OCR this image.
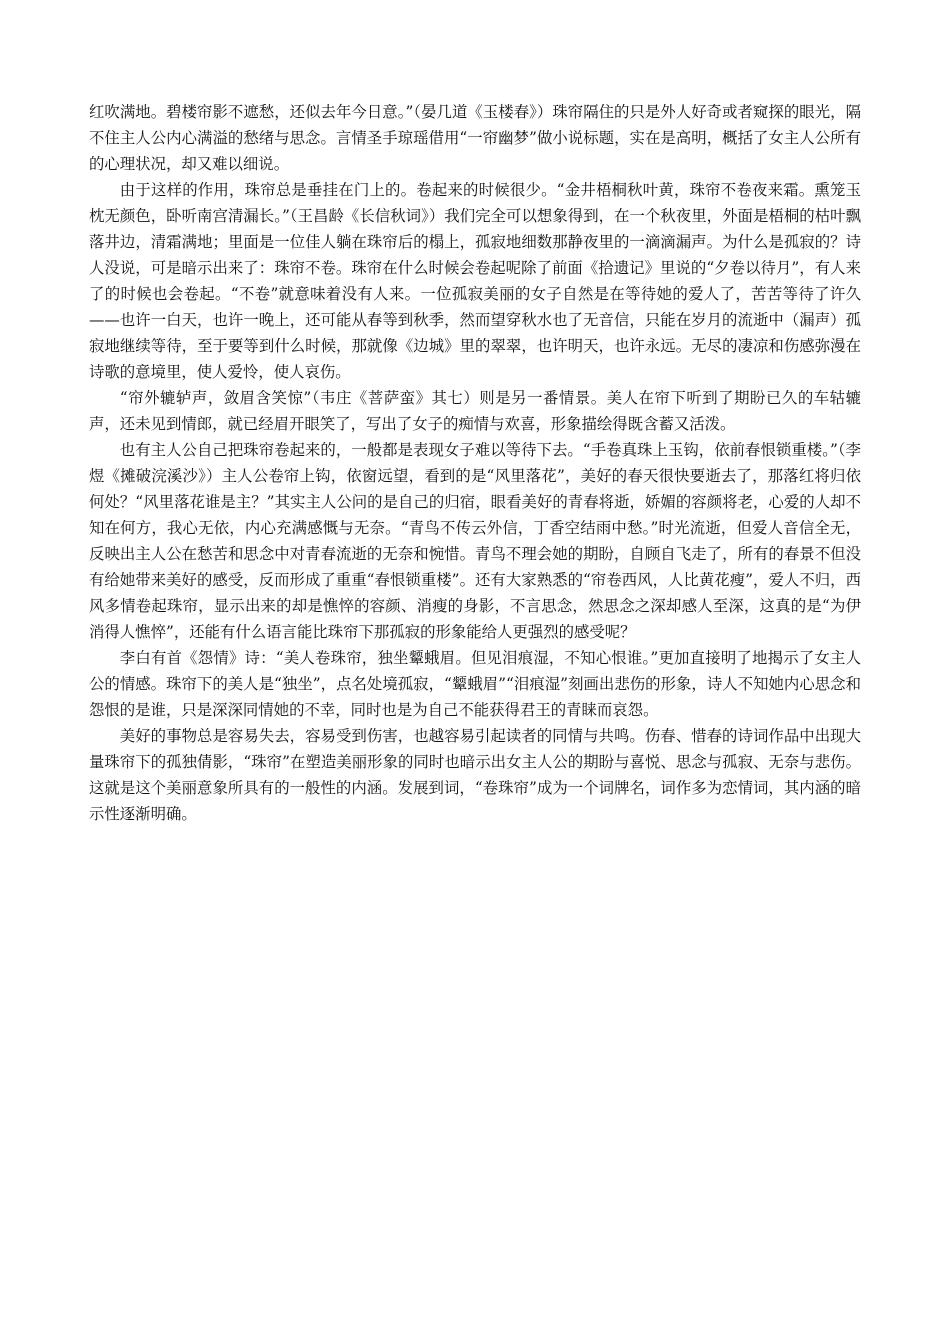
红吹满地。碧楼帘影不遮愁，还似去年今日意。”（晏几道《玉楼春》）珠帘隔住的只是外人好奇或者窥探的眼光，隔不住主人公内心满溢的愁绪与思念。言情圣手琼瑶借用“一帘幽梦”做小说标题，实在是高明，概括了女主人公所有的心理状况，却又难以细说。

由于这样的作用，珠帘总是垂挂在门上的。卷起来的时候很少。“金井梧桐秋叶黄，珠帘不卷夜来霜。熏笼玉枕无颜色，卧听南宫清漏长。”（王昌龄《长信秋词》）我们完全可以想象得到，在一个秋夜里，外面是梧桐的枯叶飘落井边，清霜满地；里面是一位佳人躺在珠帘后的榻上，孤寂地细数那静夜里的一滴滴漏声。为什么是孤寂的？诗人没说，可是暗示出来了：珠帘不卷。珠帘在什么时候会卷起呢除了前面《拾遗记》里说的“夕卷以待月”，有人来了的时候也会卷起。“不卷”就意味着没有人来。一位孤寂美丽的女子自然是在等待她的爱人了，苦苦等待了许久——也许一白天，也许一晚上，还可能从春等到秋季，然而望穿秋水也了无音信，只能在岁月的流逝中（漏声）孤寂地继续等待，至于要等到什么时候，那就像《边城》里的翠翠，也许明天，也许永远。无尽的凄凉和伤感弥漫在诗歌的意境里，使人爱怜，使人哀伤。

“帘外辘轳声，敛眉含笑惊”（韦庄《菩萨蛮》其七）则是另一番情景。美人在帘下听到了期盼已久的车轱辘声，还未见到情郎，就已经眉开眼笑了，写出了女子的痴情与欢喜，形象描绘得既含蓄又活泼。

也有主人公自己把珠帘卷起来的，一般都是表现女子难以等待下去。“手卷真珠上玉钩，依前春恨锁重楼。”（李煜《摊破浣溪沙》）主人公卷帘上钩，依窗远望，看到的是“风里落花”，美好的春天很快要逝去了，那落红将归依何处？“风里落花谁是主？”其实主人公问的是自己的归宿，眼看美好的青春将逝，娇媚的容颜将老，心爱的人却不知在何方，我心无依，内心充满感慨与无奈。“青鸟不传云外信，丁香空结雨中愁。”时光流逝，但爱人音信全无，反映出主人公在愁苦和思念中对青春流逝的无奈和惋惜。青鸟不理会她的期盼，自顾自飞走了，所有的春景不但没有给她带来美好的感受，反而形成了重重“春恨锁重楼”。还有大家熟悉的“帘卷西风，人比黄花瘦”，爱人不归，西风多情卷起珠帘，显示出来的却是憔悴的容颜、消瘦的身影，不言思念，然思念之深却感人至深，这真的是“为伊消得人憔悴”，还能有什么语言能比珠帘下那孤寂的形象能给人更强烈的感受呢？

李白有首《怨情》诗：“美人卷珠帘，独坐颦蛾眉。但见泪痕湿，不知心恨谁。”更加直接明了地揭示了女主人公的情感。珠帘下的美人是“独坐”，点名处境孤寂，“颦蛾眉”“泪痕湿”刻画出悲伤的形象，诗人不知她内心思念和怨恨的是谁，只是深深同情她的不幸，同时也是为自己不能获得君王的青睐而哀怨。

美好的事物总是容易失去，容易受到伤害，也越容易引起读者的同情与共鸣。伤春、惜春的诗词作品中出现大量珠帘下的孤独倩影，“珠帘”在塑造美丽形象的同时也暗示出女主人公的期盼与喜悦、思念与孤寂、无奈与悲伤。这就是这个美丽意象所具有的一般性的内涵。发展到词，“卷珠帘”成为一个词牌名，词作多为恋情词，其内涵的暗示性逐渐明确。
